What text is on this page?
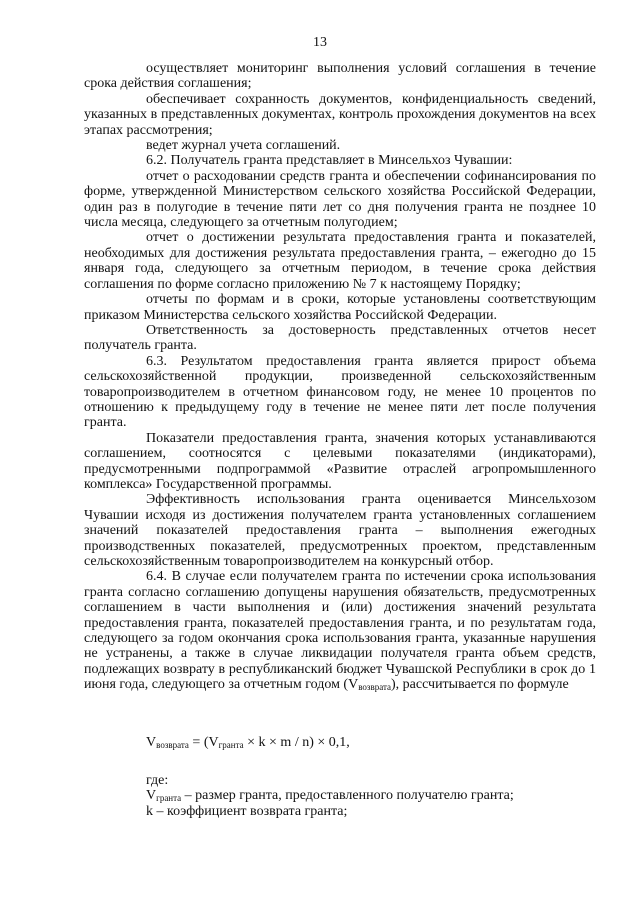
13

осуществляет мониторинг выполнения условий соглашения в течение срока действия соглашения;

обеспечивает сохранность документов, конфиденциальность сведений, указанных в представленных документах, контроль прохождения документов на всех этапах рассмотрения;

ведет журнал учета соглашений.

6.2. Получатель гранта представляет в Минсельхоз Чувашии:

отчет о расходовании средств гранта и обеспечении софинансирования по форме, утвержденной Министерством сельского хозяйства Российской Федерации, один раз в полугодие в течение пяти лет со дня получения гранта не позднее 10 числа месяца, следующего за отчетным полугодием;

отчет о достижении результата предоставления гранта и показателей, необходимых для достижения результата предоставления гранта, – ежегодно до 15 января года, следующего за отчетным периодом, в течение срока действия соглашения по форме согласно приложению № 7 к настоящему Порядку;

отчеты по формам и в сроки, которые установлены соответствующим приказом Министерства сельского хозяйства Российской Федерации.

Ответственность за достоверность представленных отчетов несет получатель гранта.

6.3. Результатом предоставления гранта является прирост объема сельскохозяйственной продукции, произведенной сельскохозяйственным товаропроизводителем в отчетном финансовом году, не менее 10 процентов по отношению к предыдущему году в течение не менее пяти лет после получения гранта.

Показатели предоставления гранта, значения которых устанавливаются соглашением, соотносятся с целевыми показателями (индикаторами), предусмотренными подпрограммой «Развитие отраслей агропромышленного комплекса» Государственной программы.

Эффективность использования гранта оценивается Минсельхозом Чувашии исходя из достижения получателем гранта установленных соглашением значений показателей предоставления гранта – выполнения ежегодных производственных показателей, предусмотренных проектом, представленным сельскохозяйственным товаропроизводителем на конкурсный отбор.

6.4. В случае если получателем гранта по истечении срока использования гранта согласно соглашению допущены нарушения обязательств, предусмотренных соглашением в части выполнения и (или) достижения значений результата предоставления гранта, показателей предоставления гранта, и по результатам года, следующего за годом окончания срока использования гранта, указанные нарушения не устранены, а также в случае ликвидации получателя гранта объем средств, подлежащих возврату в республиканский бюджет Чувашской Республики в срок до 1 июня года, следующего за отчетным годом $(V_{возврата})$, рассчитывается по формуле

$V_{возврата} = (V_{гранта} \times k \times m / n) \times 0,1$,

где:

$V_{гранта}$ – размер гранта, предоставленного получателю гранта;

k – коэффициент возврата гранта;
